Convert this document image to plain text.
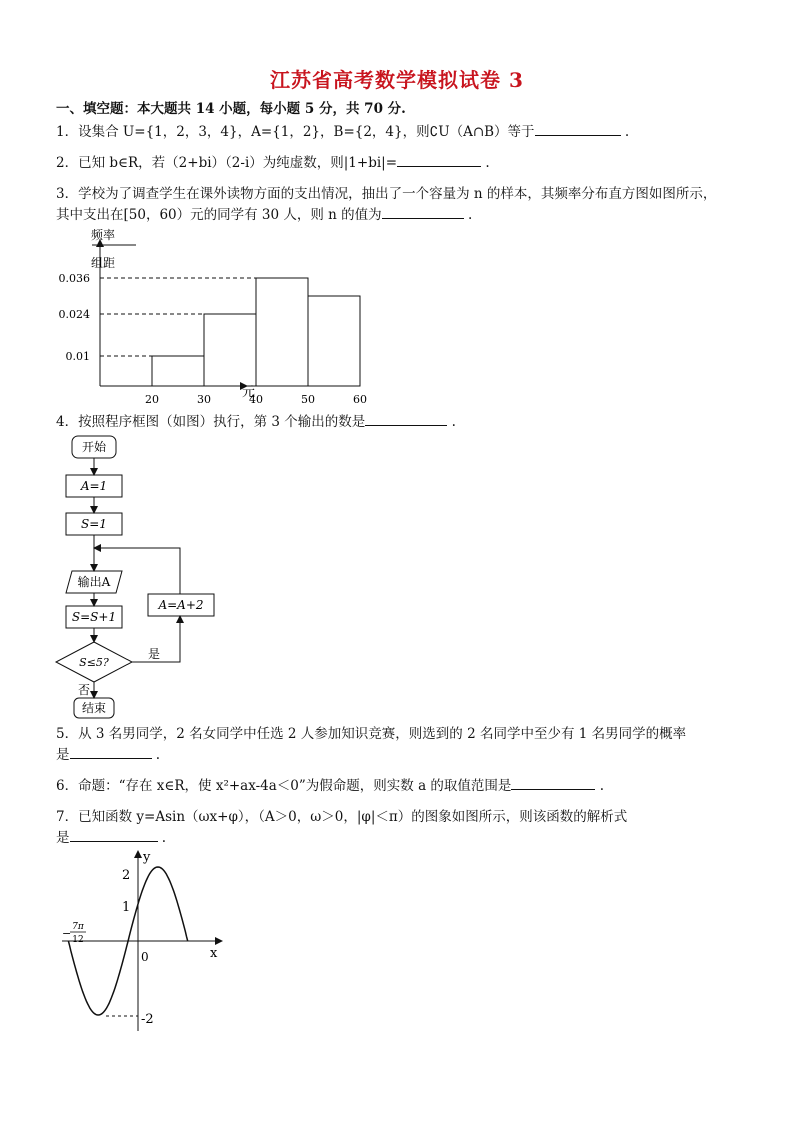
江苏省高考数学模拟试卷 3
一、填空题：本大题共 14 小题，每小题 5 分，共 70 分.
1．设集合 U={1，2，3，4}，A={1，2}，B={2，4}，则∁U（A∩B）等于	.
2．已知 b∈R，若（2+bi）（2-i）为纯虚数，则|1+bi|=	.
3．学校为了调查学生在课外读物方面的支出情况，抽出了一个容量为 n 的样本，其频率分布直方图如图所示，
其中支出在[50，60）元的同学有 30 人，则 n 的值为	.
0.036
0.024
0.01
20	30	40	50	60
频率
组距
元
4．按照程序框图（如图）执行，第 3 个输出的数是	.
开始
A=1
S=1
输出A
S=S+1
A=A+2
S≤5?
是
否
结束
5．从 3 名男同学，2 名女同学中任选 2 人参加知识竞赛，则选到的 2 名同学中至少有 1 名男同学的概率
是	.
6．命题：“存在 x∈R，使 x²+ax-4a＜0”为假命题，则实数 a 的取值范围是	.
7．已知函数 y=Asin（ωx+φ），（A＞0，ω＞0，|φ|＜π）的图象如图所示，则该函数的解析式
是	.
y
x
0
2
1
-2
− 7π
12
